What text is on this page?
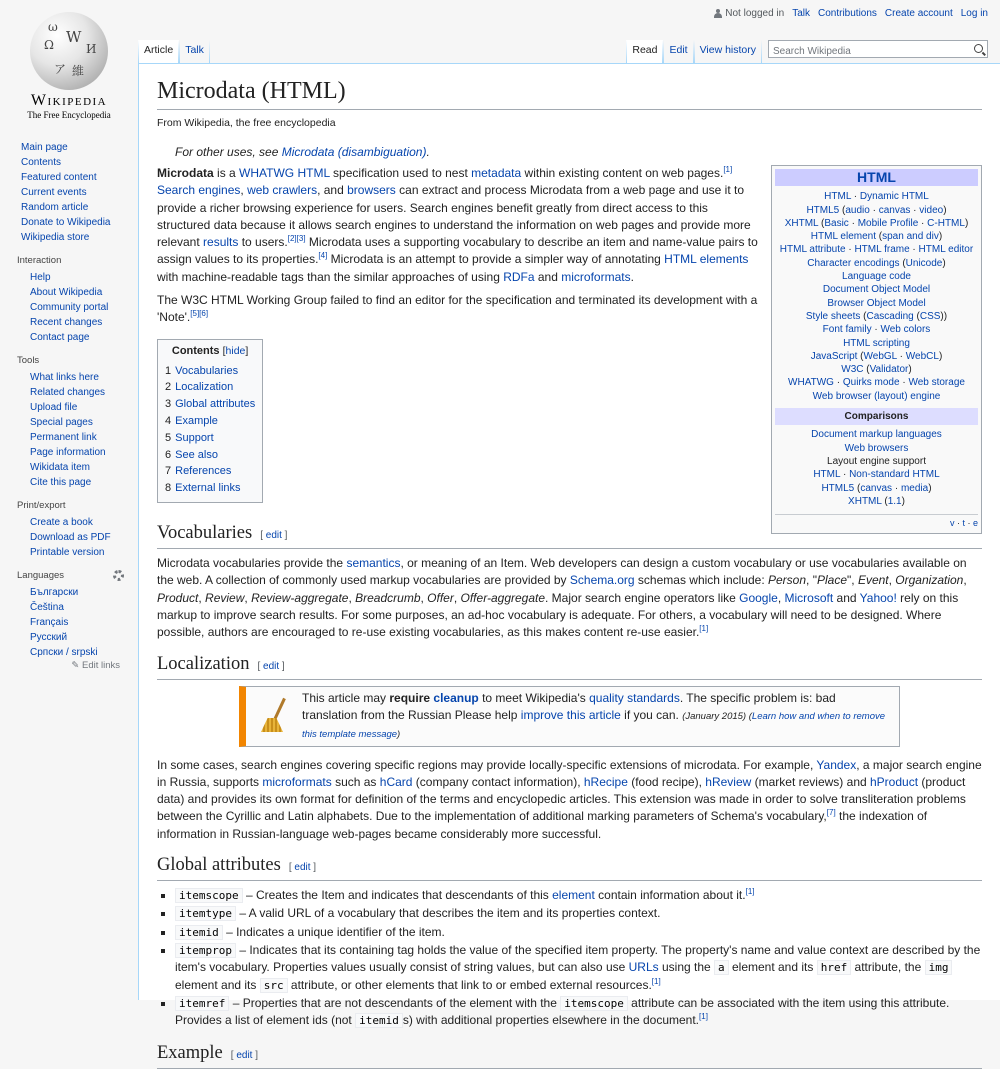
Not logged in Talk Contributions Create account Log in
Ω W
И
ア 維
ω
Wikipedia
The Free Encyclopedia
Main page
Contents
Featured content
Current events
Random article
Donate to Wikipedia
Wikipedia store
Interaction
Help
About Wikipedia
Community portal
Recent changes
Contact page
Tools
What links here
Related changes
Upload file
Special pages
Permanent link
Page information
Wikidata item
Cite this page
Print/export
Create a book
Download as PDF
Printable version
Languages
Български
Čeština
Français
Русский
Српски / srpski
✎ Edit links
Article	Talk	Read	Edit	View history
Search Wikipedia
Microdata (HTML)
From Wikipedia, the free encyclopedia
For other uses, see Microdata (disambiguation).
HTML
HTML · Dynamic HTML
HTML5 (audio · canvas · video)
XHTML (Basic · Mobile Profile · C-HTML)
HTML element (span and div)
HTML attribute · HTML frame · HTML editor
Character encodings (Unicode)
Language code
Document Object Model
Browser Object Model
Style sheets (Cascading (CSS))
Font family · Web colors
HTML scripting
JavaScript (WebGL · WebCL)
W3C (Validator)
WHATWG · Quirks mode · Web storage
Web browser (layout) engine
Comparisons
Document markup languages
Web browsers
Layout engine support
HTML · Non-standard HTML
HTML5 (canvas · media)
XHTML (1.1)
v · t · e

Microdata is a WHATWG HTML specification used to nest metadata within existing content on web pages.[1] Search engines, web crawlers, and browsers can extract and process Microdata from a web page and use it to provide a richer browsing experience for users. Search engines benefit greatly from direct access to this structured data because it allows search engines to understand the information on web pages and provide more relevant results to users.[2][3] Microdata uses a supporting vocabulary to describe an item and name-value pairs to assign values to its properties.[4] Microdata is an attempt to provide a simpler way of annotating HTML elements with machine-readable tags than the similar approaches of using RDFa and microformats.

The W3C HTML Working Group failed to find an editor for the specification and terminated its development with a 'Note'.[5][6]

Contents [hide]
1 Vocabularies
2 Localization
3 Global attributes
4 Example
5 Support
6 See also
7 References
8 External links
Vocabularies [ edit ]

Microdata vocabularies provide the semantics, or meaning of an Item. Web developers can design a custom vocabulary or use vocabularies available on the web. A collection of commonly used markup vocabularies are provided by Schema.org schemas which include: Person, "Place", Event, Organization, Product, Review, Review-aggregate, Breadcrumb, Offer, Offer-aggregate. Major search engine operators like Google, Microsoft and Yahoo! rely on this markup to improve search results. For some purposes, an ad-hoc vocabulary is adequate. For others, a vocabulary will need to be designed. Where possible, authors are encouraged to re-use existing vocabularies, as this makes content re-use easier.[1]

Localization [ edit ]
This article may require cleanup to meet Wikipedia's quality standards. The specific problem is: bad translation from the Russian Please help improve this article if you can. (January 2015) (Learn how and when to remove this template message)

In some cases, search engines covering specific regions may provide locally-specific extensions of microdata. For example, Yandex, a major search engine in Russia, supports microformats such as hCard (company contact information), hRecipe (food recipe), hReview (market reviews) and hProduct (product data) and provides its own format for definition of the terms and encyclopedic articles. This extension was made in order to solve transliteration problems between the Cyrillic and Latin alphabets. Due to the implementation of additional marking parameters of Schema's vocabulary,[7] the indexation of information in Russian-language web-pages became considerably more successful.

Global attributes [ edit ]
▪ itemscope – Creates the Item and indicates that descendants of this element contain information about it.[1]
▪ itemtype – A valid URL of a vocabulary that describes the item and its properties context.
▪ itemid – Indicates a unique identifier of the item.
▪ itemprop – Indicates that its containing tag holds the value of the specified item property. The property's name and value context are described by the item's vocabulary. Properties values usually consist of string values, but can also use URLs using the a element and its href attribute, the img element and its src attribute, or other elements that link to or embed external resources.[1]
▪ itemref – Properties that are not descendants of the element with the itemscope attribute can be associated with the item using this attribute. Provides a list of element ids (not itemid s) with additional properties elsewhere in the document.[1]
Example [ edit ]
